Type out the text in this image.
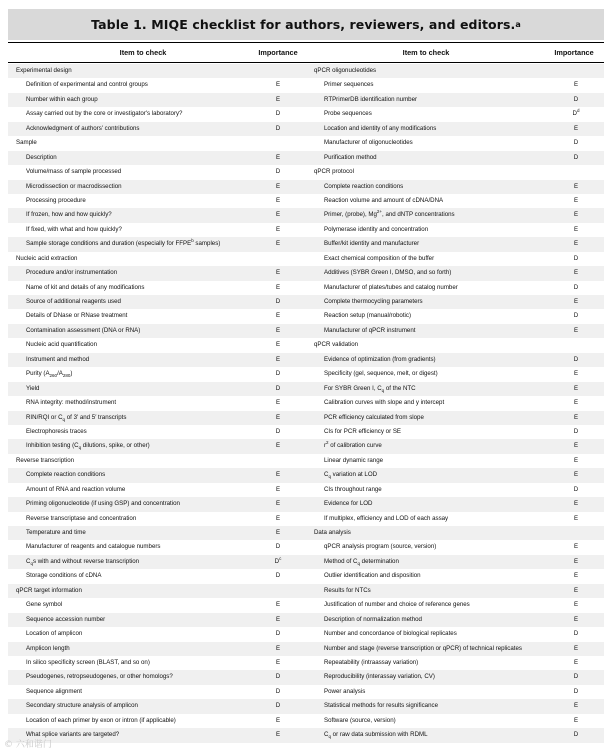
Table 1. MIQE checklist for authors, reviewers, and editors. a
Item to check	Importance	Item to check	Importance
Experimental design
Definition of experimental and control groups	E
Number within each group	E
Assay carried out by the core or investigator's laboratory?	D
Acknowledgment of authors' contributions	D
Sample
Description	E
Volume/mass of sample processed	D
Microdissection or macrodissection	E
Processing procedure	E
If frozen, how and how quickly?	E
If fixed, with what and how quickly?	E
Sample storage conditions and duration (especially for FFPE$^b$ samples)	E
Nucleic acid extraction
Procedure and/or instrumentation	E
Name of kit and details of any modifications	E
Source of additional reagents used	D
Details of DNase or RNase treatment	E
Contamination assessment (DNA or RNA)	E
Nucleic acid quantification	E
Instrument and method	E
Purity $(A_{260}/A_{280})$	D
Yield	D
RNA integrity: method/instrument	E
RIN/RQI or $C_q$ of 3′ and 5′ transcripts	E
Electrophoresis traces	D
Inhibition testing ($C_q$ dilutions, spike, or other)	E
Reverse transcription
Complete reaction conditions	E
Amount of RNA and reaction volume	E
Priming oligonucleotide (if using GSP) and concentration	E
Reverse transcriptase and concentration	E
Temperature and time	E
Manufacturer of reagents and catalogue numbers	D
$C_qs$ with and without reverse transcription	$D^c$
Storage conditions of cDNA	D
qPCR target information
Gene symbol	E
Sequence accession number	E
Location of amplicon	D
Amplicon length	E
In silico specificity screen (BLAST, and so on)	E
Pseudogenes, retropseudogenes, or other homologs?	D
Sequence alignment	D
Secondary structure analysis of amplicon	D
Location of each primer by exon or intron (if applicable)	E
What splice variants are targeted?	E
qPCR oligonucleotides
Primer sequences	E
RTPrimerDB identification number	D
Probe sequences	$D^d$
Location and identity of any modifications	E
Manufacturer of oligonucleotides	D
Purification method	D
qPCR protocol
Complete reaction conditions	E
Reaction volume and amount of cDNA/DNA	E
Primer, (probe), $Mg^{2+}$, and dNTP concentrations	E
Polymerase identity and concentration	E
Buffer/kit identity and manufacturer	E
Exact chemical composition of the buffer	D
Additives (SYBR Green I, DMSO, and so forth)	E
Manufacturer of plates/tubes and catalog number	D
Complete thermocycling parameters	E
Reaction setup (manual/robotic)	D
Manufacturer of qPCR instrument	E
qPCR validation
Evidence of optimization (from gradients)	D
Specificity (gel, sequence, melt, or digest)	E
For SYBR Green I, $C_q$ of the NTC	E
Calibration curves with slope and y intercept	E
PCR efficiency calculated from slope	E
CIs for PCR efficiency or SE	D
$r^2$ of calibration curve	E
Linear dynamic range	E
$C_q$ variation at LOD	E
CIs throughout range	D
Evidence for LOD	E
If multiplex, efficiency and LOD of each assay	E
Data analysis
qPCR analysis program (source, version)	E
Method of $C_q$ determination	E
Outlier identification and disposition	E
Results for NTCs	E
Justification of number and choice of reference genes	E
Description of normalization method	E
Number and concordance of biological replicates	D
Number and stage (reverse transcription or qPCR) of technical replicates	E
Repeatability (intraassay variation)	E
Reproducibility (interassay variation, CV)	D
Power analysis	D
Statistical methods for results significance	E
Software (source, version)	E
$C_q$ or raw data submission with RDML	D
© 六和谐门
